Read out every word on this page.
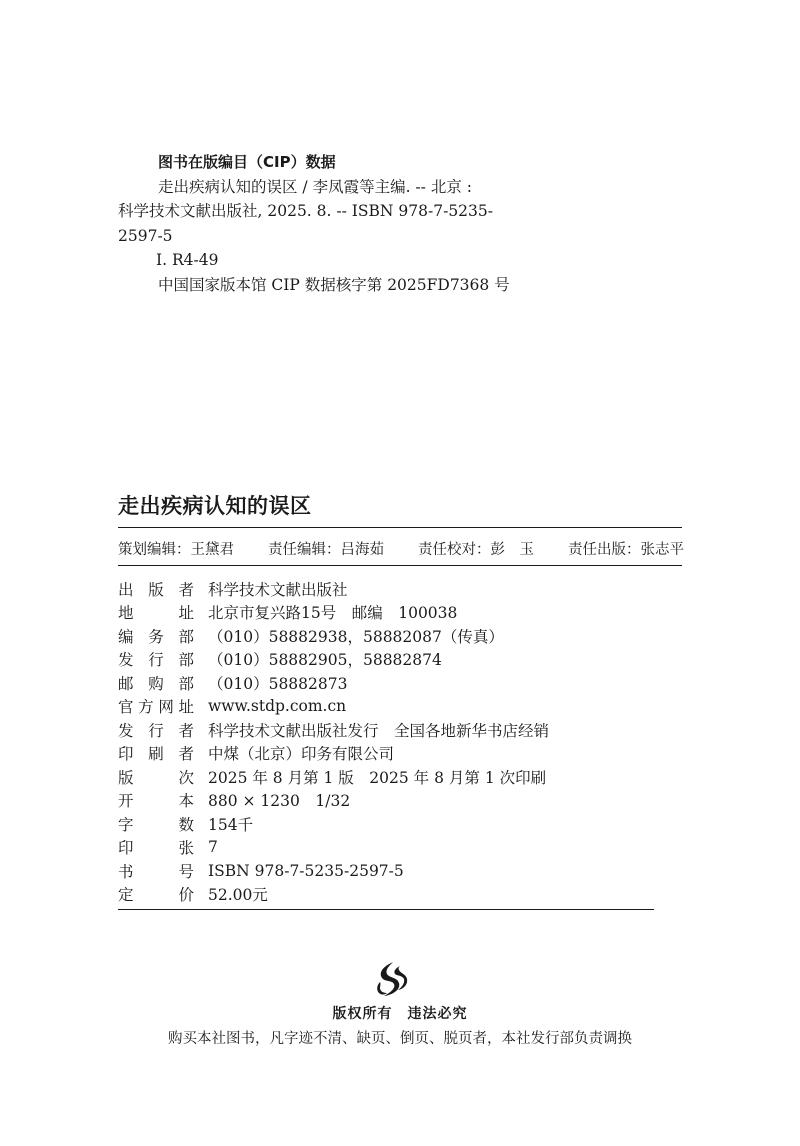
图书在版编目（CIP）数据
走出疾病认知的误区 / 李凤霞等主编. -- 北京 :
科学技术文献出版社, 2025. 8. -- ISBN 978-7-5235-
2597-5
Ⅰ. R4-49
中国国家版本馆 CIP 数据核字第 2025FD7368 号
走出疾病认知的误区
策划编辑：王黛君 责任编辑：吕海茹 责任校对：彭　玉 责任出版：张志平
出 版 者 科学技术文献出版社
地	址 北京市复兴路15号　邮编　100038
编 务 部 （010）58882938，58882087（传真）
发 行 部 （010）58882905，58882874
邮 购 部 （010）58882873
官 方 网 址 www.stdp.com.cn
发 行 者 科学技术文献出版社发行　全国各地新华书店经销
印 刷 者 中煤（北京）印务有限公司
版	次 2025 年 8 月第 1 版　2025 年 8 月第 1 次印刷
开	本 880 × 1230　1/32
字	数 154千
印	张 7
书	号 ISBN 978-7-5235-2597-5
定	价 52.00元
版权所有　违法必究
购买本社图书，凡字迹不清、缺页、倒页、脱页者，本社发行部负责调换
